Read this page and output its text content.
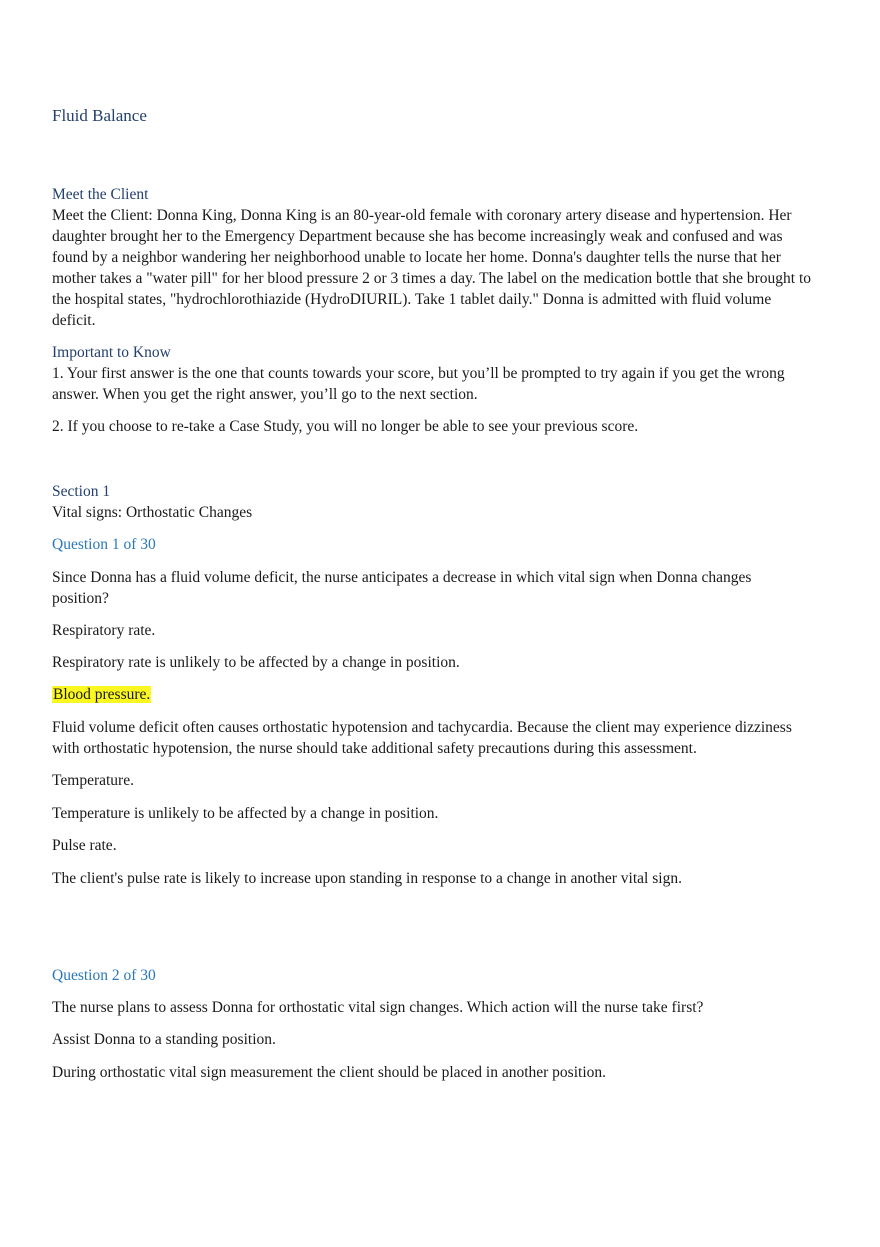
Fluid Balance
Meet the Client
Meet the Client: Donna King, Donna King is an 80-year-old female with coronary artery disease and hypertension. Her daughter brought her to the Emergency Department because she has become increasingly weak and confused and was found by a neighbor wandering her neighborhood unable to locate her home. Donna's daughter tells the nurse that her mother takes a "water pill" for her blood pressure 2 or 3 times a day. The label on the medication bottle that she brought to the hospital states, "hydrochlorothiazide (HydroDIURIL). Take 1 tablet daily." Donna is admitted with fluid volume deficit.
Important to Know
1. Your first answer is the one that counts towards your score, but you’ll be prompted to try again if you get the wrong answer. When you get the right answer, you’ll go to the next section.
2. If you choose to re-take a Case Study, you will no longer be able to see your previous score.
Section 1
Vital signs: Orthostatic Changes
Question 1 of 30
Since Donna has a fluid volume deficit, the nurse anticipates a decrease in which vital sign when Donna changes position?
Respiratory rate.
Respiratory rate is unlikely to be affected by a change in position.
Blood pressure.
Fluid volume deficit often causes orthostatic hypotension and tachycardia. Because the client may experience dizziness with orthostatic hypotension, the nurse should take additional safety precautions during this assessment.
Temperature.
Temperature is unlikely to be affected by a change in position.
Pulse rate.
The client's pulse rate is likely to increase upon standing in response to a change in another vital sign.
Question 2 of 30
The nurse plans to assess Donna for orthostatic vital sign changes. Which action will the nurse take first?
Assist Donna to a standing position.
During orthostatic vital sign measurement the client should be placed in another position.
